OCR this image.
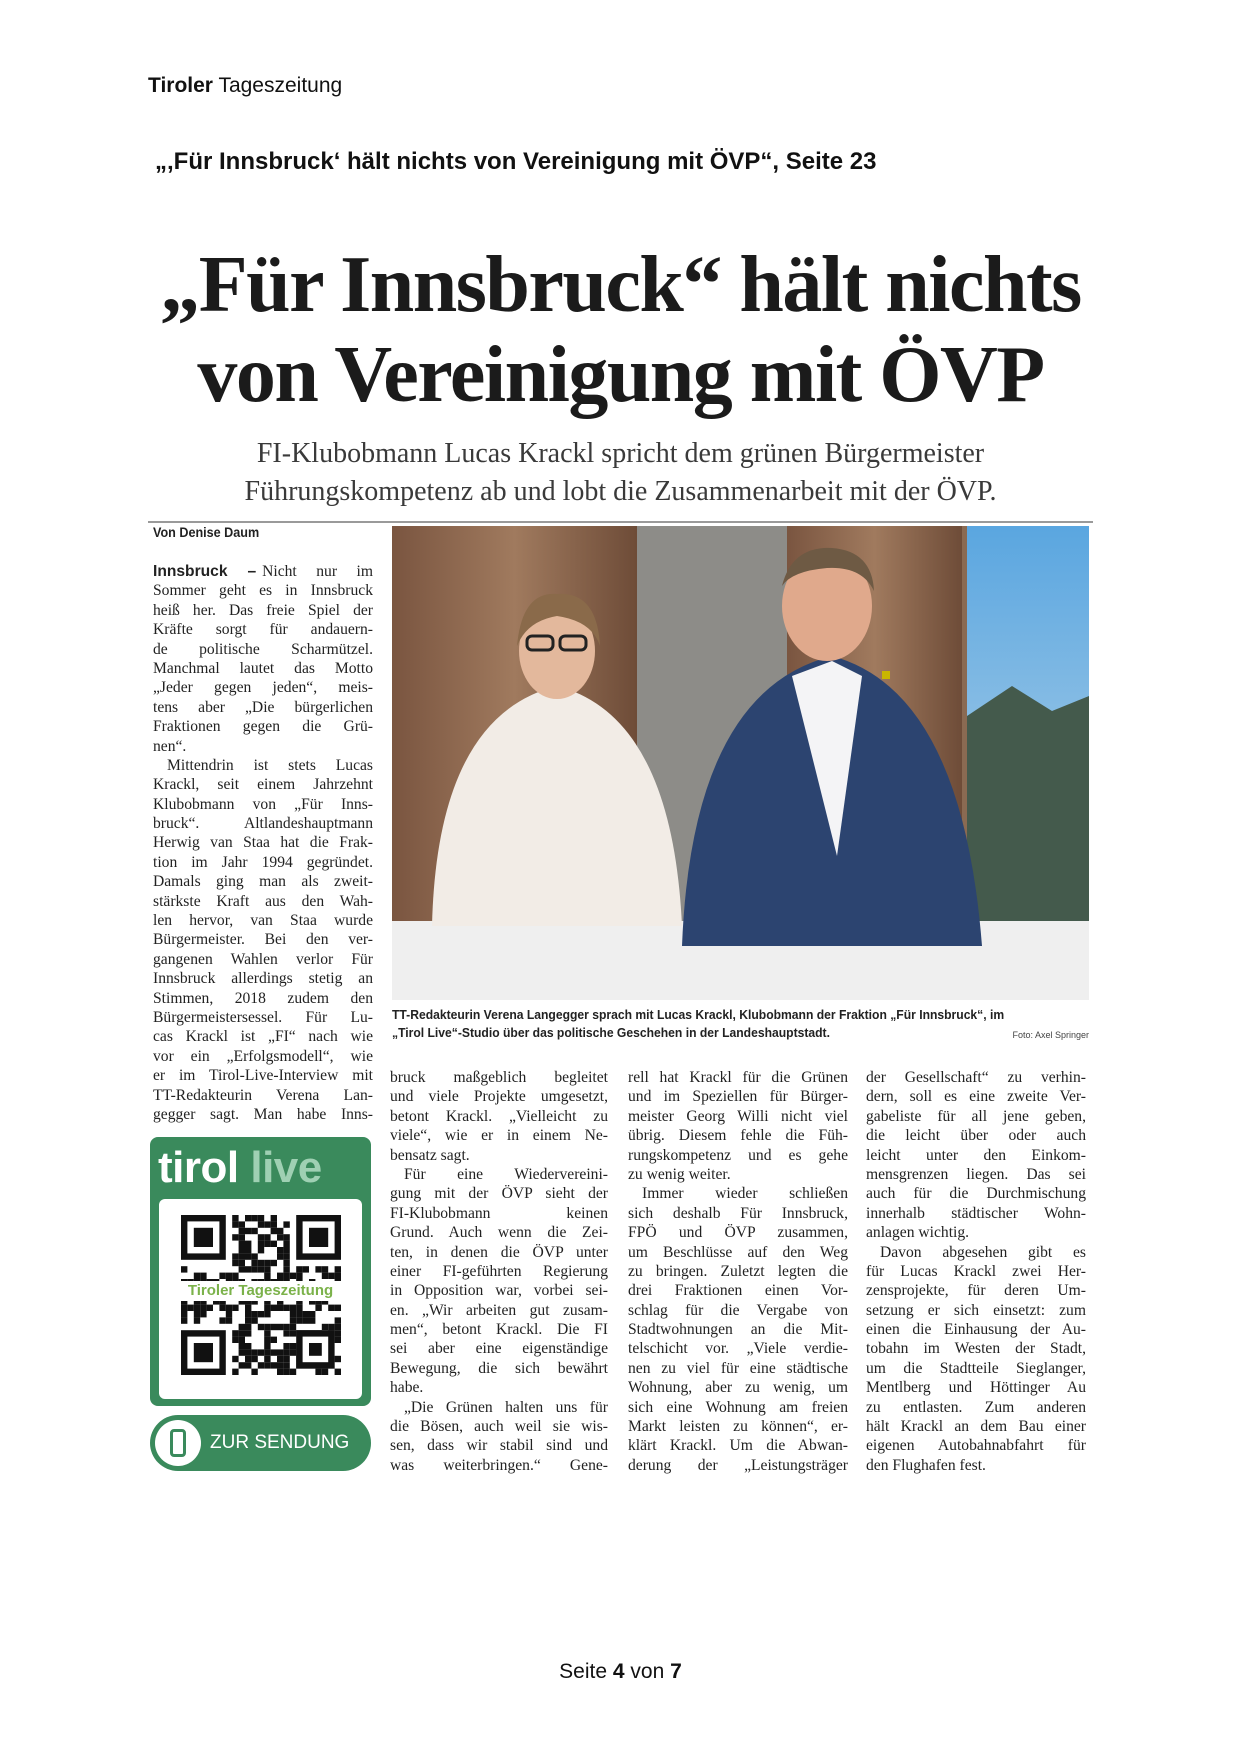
Tiroler Tageszeitung
„‚Für Innsbruck‘ hält nichts von Vereinigung mit ÖVP“, Seite 23
„Für Innsbruck“ hält nichts
von Vereinigung mit ÖVP
FI-Klubobmann Lucas Krackl spricht dem grünen Bürgermeister
Führungskompetenz ab und lobt die Zusammenarbeit mit der ÖVP.
Von Denise Daum
TT-Redakteurin Verena Langegger sprach mit Lucas Krackl, Klubobmann der Fraktion „Für Innsbruck“, im „Tirol Live“-Studio über das politische Geschehen in der Landeshauptstadt.	Foto: Axel Springer
Innsbruck – Nicht nur im
Sommer geht es in Innsbruck
heiß her. Das freie Spiel der
Kräfte sorgt für andauern-
de politische Scharmützel.
Manchmal lautet das Motto
„Jeder gegen jeden“, meis-
tens aber „Die bürgerlichen
Fraktionen gegen die Grü-
nen“.
Mittendrin ist stets Lucas
Krackl, seit einem Jahrzehnt
Klubobmann von „Für Inns-
bruck“. Altlandeshauptmann
Herwig van Staa hat die Frak-
tion im Jahr 1994 gegründet.
Damals ging man als zweit-
stärkste Kraft aus den Wah-
len hervor, van Staa wurde
Bürgermeister. Bei den ver-
gangenen Wahlen verlor Für
Innsbruck allerdings stetig an
Stimmen, 2018 zudem den
Bürgermeistersessel. Für Lu-
cas Krackl ist „FI“ nach wie
vor ein „Erfolgsmodell“, wie
er im Tirol-Live-Interview mit
TT-Redakteurin Verena Lan-
gegger sagt. Man habe Inns-
bruck maßgeblich begleitet
und viele Projekte umgesetzt,
betont Krackl. „Vielleicht zu
viele“, wie er in einem Ne-
bensatz sagt.
Für eine Wiedervereini-
gung mit der ÖVP sieht der
FI-Klubobmann keinen
Grund. Auch wenn die Zei-
ten, in denen die ÖVP unter
einer FI-geführten Regierung
in Opposition war, vorbei sei-
en. „Wir arbeiten gut zusam-
men“, betont Krackl. Die FI
sei aber eine eigenständige
Bewegung, die sich bewährt
habe.
„Die Grünen halten uns für
die Bösen, auch weil sie wis-
sen, dass wir stabil sind und
was weiterbringen.“ Gene-
rell hat Krackl für die Grünen
und im Speziellen für Bürger-
meister Georg Willi nicht viel
übrig. Diesem fehle die Füh-
rungskompetenz und es gehe
zu wenig weiter.
Immer wieder schließen
sich deshalb Für Innsbruck,
FPÖ und ÖVP zusammen,
um Beschlüsse auf den Weg
zu bringen. Zuletzt legten die
drei Fraktionen einen Vor-
schlag für die Vergabe von
Stadtwohnungen an die Mit-
telschicht vor. „Viele verdie-
nen zu viel für eine städtische
Wohnung, aber zu wenig, um
sich eine Wohnung am freien
Markt leisten zu können“, er-
klärt Krackl. Um die Abwan-
derung der „Leistungsträger
der Gesellschaft“ zu verhin-
dern, soll es eine zweite Ver-
gabeliste für all jene geben,
die leicht über oder auch
leicht unter den Einkom-
mensgrenzen liegen. Das sei
auch für die Durchmischung
innerhalb städtischer Wohn-
anlagen wichtig.
Davon abgesehen gibt es
für Lucas Krackl zwei Her-
zensprojekte, für deren Um-
setzung er sich einsetzt: zum
einen die Einhausung der Au-
tobahn im Westen der Stadt,
um die Stadtteile Sieglanger,
Mentlberg und Höttinger Au
zu entlasten. Zum anderen
hält Krackl an dem Bau einer
eigenen Autobahnabfahrt für
den Flughafen fest.
tirol live
Tiroler Tageszeitung
ZUR SENDUNG
Seite 4 von 7
